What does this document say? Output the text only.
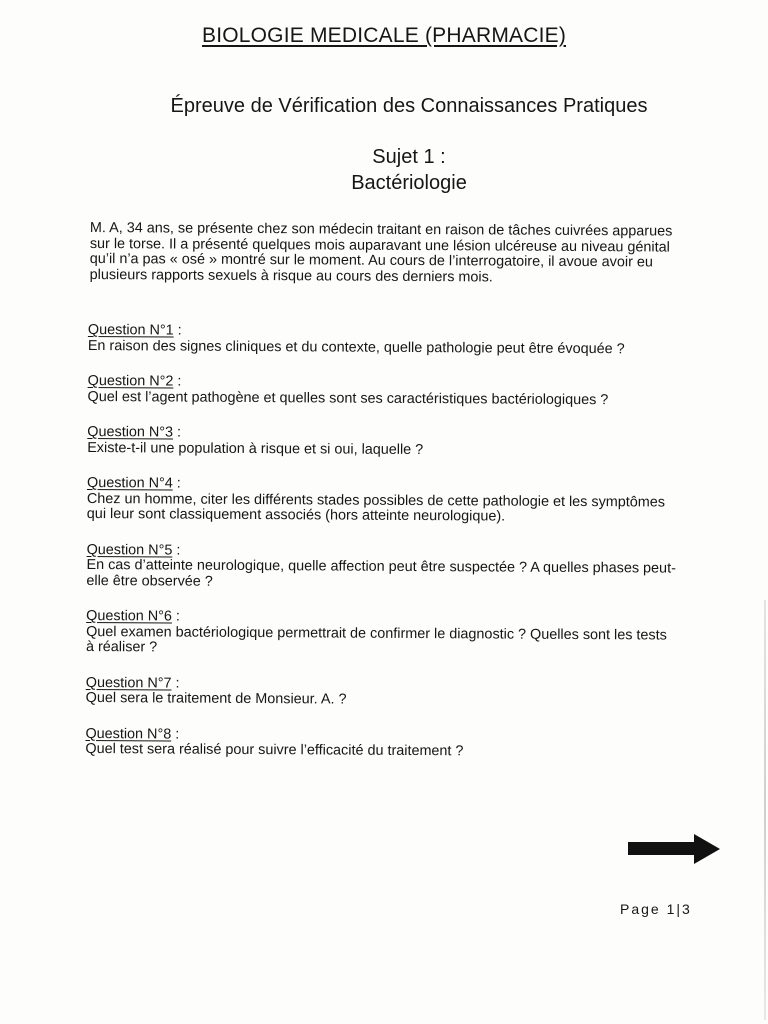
BIOLOGIE MEDICALE (PHARMACIE)
Épreuve de Vérification des Connaissances Pratiques
Sujet 1 :
Bactériologie
M. A, 34 ans, se présente chez son médecin traitant en raison de tâches cuivrées apparues
sur le torse. Il a présenté quelques mois auparavant une lésion ulcéreuse au niveau génital
qu’il n’a pas « osé » montré sur le moment. Au cours de l’interrogatoire, il avoue avoir eu
plusieurs rapports sexuels à risque au cours des derniers mois.
Question N°1 :
En raison des signes cliniques et du contexte, quelle pathologie peut être évoquée ?
Question N°2 :
Quel est l’agent pathogène et quelles sont ses caractéristiques bactériologiques ?
Question N°3 :
Existe-t-il une population à risque et si oui, laquelle ?
Question N°4 :
Chez un homme, citer les différents stades possibles de cette pathologie et les symptômes
qui leur sont classiquement associés (hors atteinte neurologique).
Question N°5 :
En cas d’atteinte neurologique, quelle affection peut être suspectée ? A quelles phases peut-
elle être observée ?
Question N°6 :
Quel examen bactériologique permettrait de confirmer le diagnostic ? Quelles sont les tests
à réaliser ?
Question N°7 :
Quel sera le traitement de Monsieur. A. ?
Question N°8 :
Quel test sera réalisé pour suivre l’efficacité du traitement ?
Page 1|3
